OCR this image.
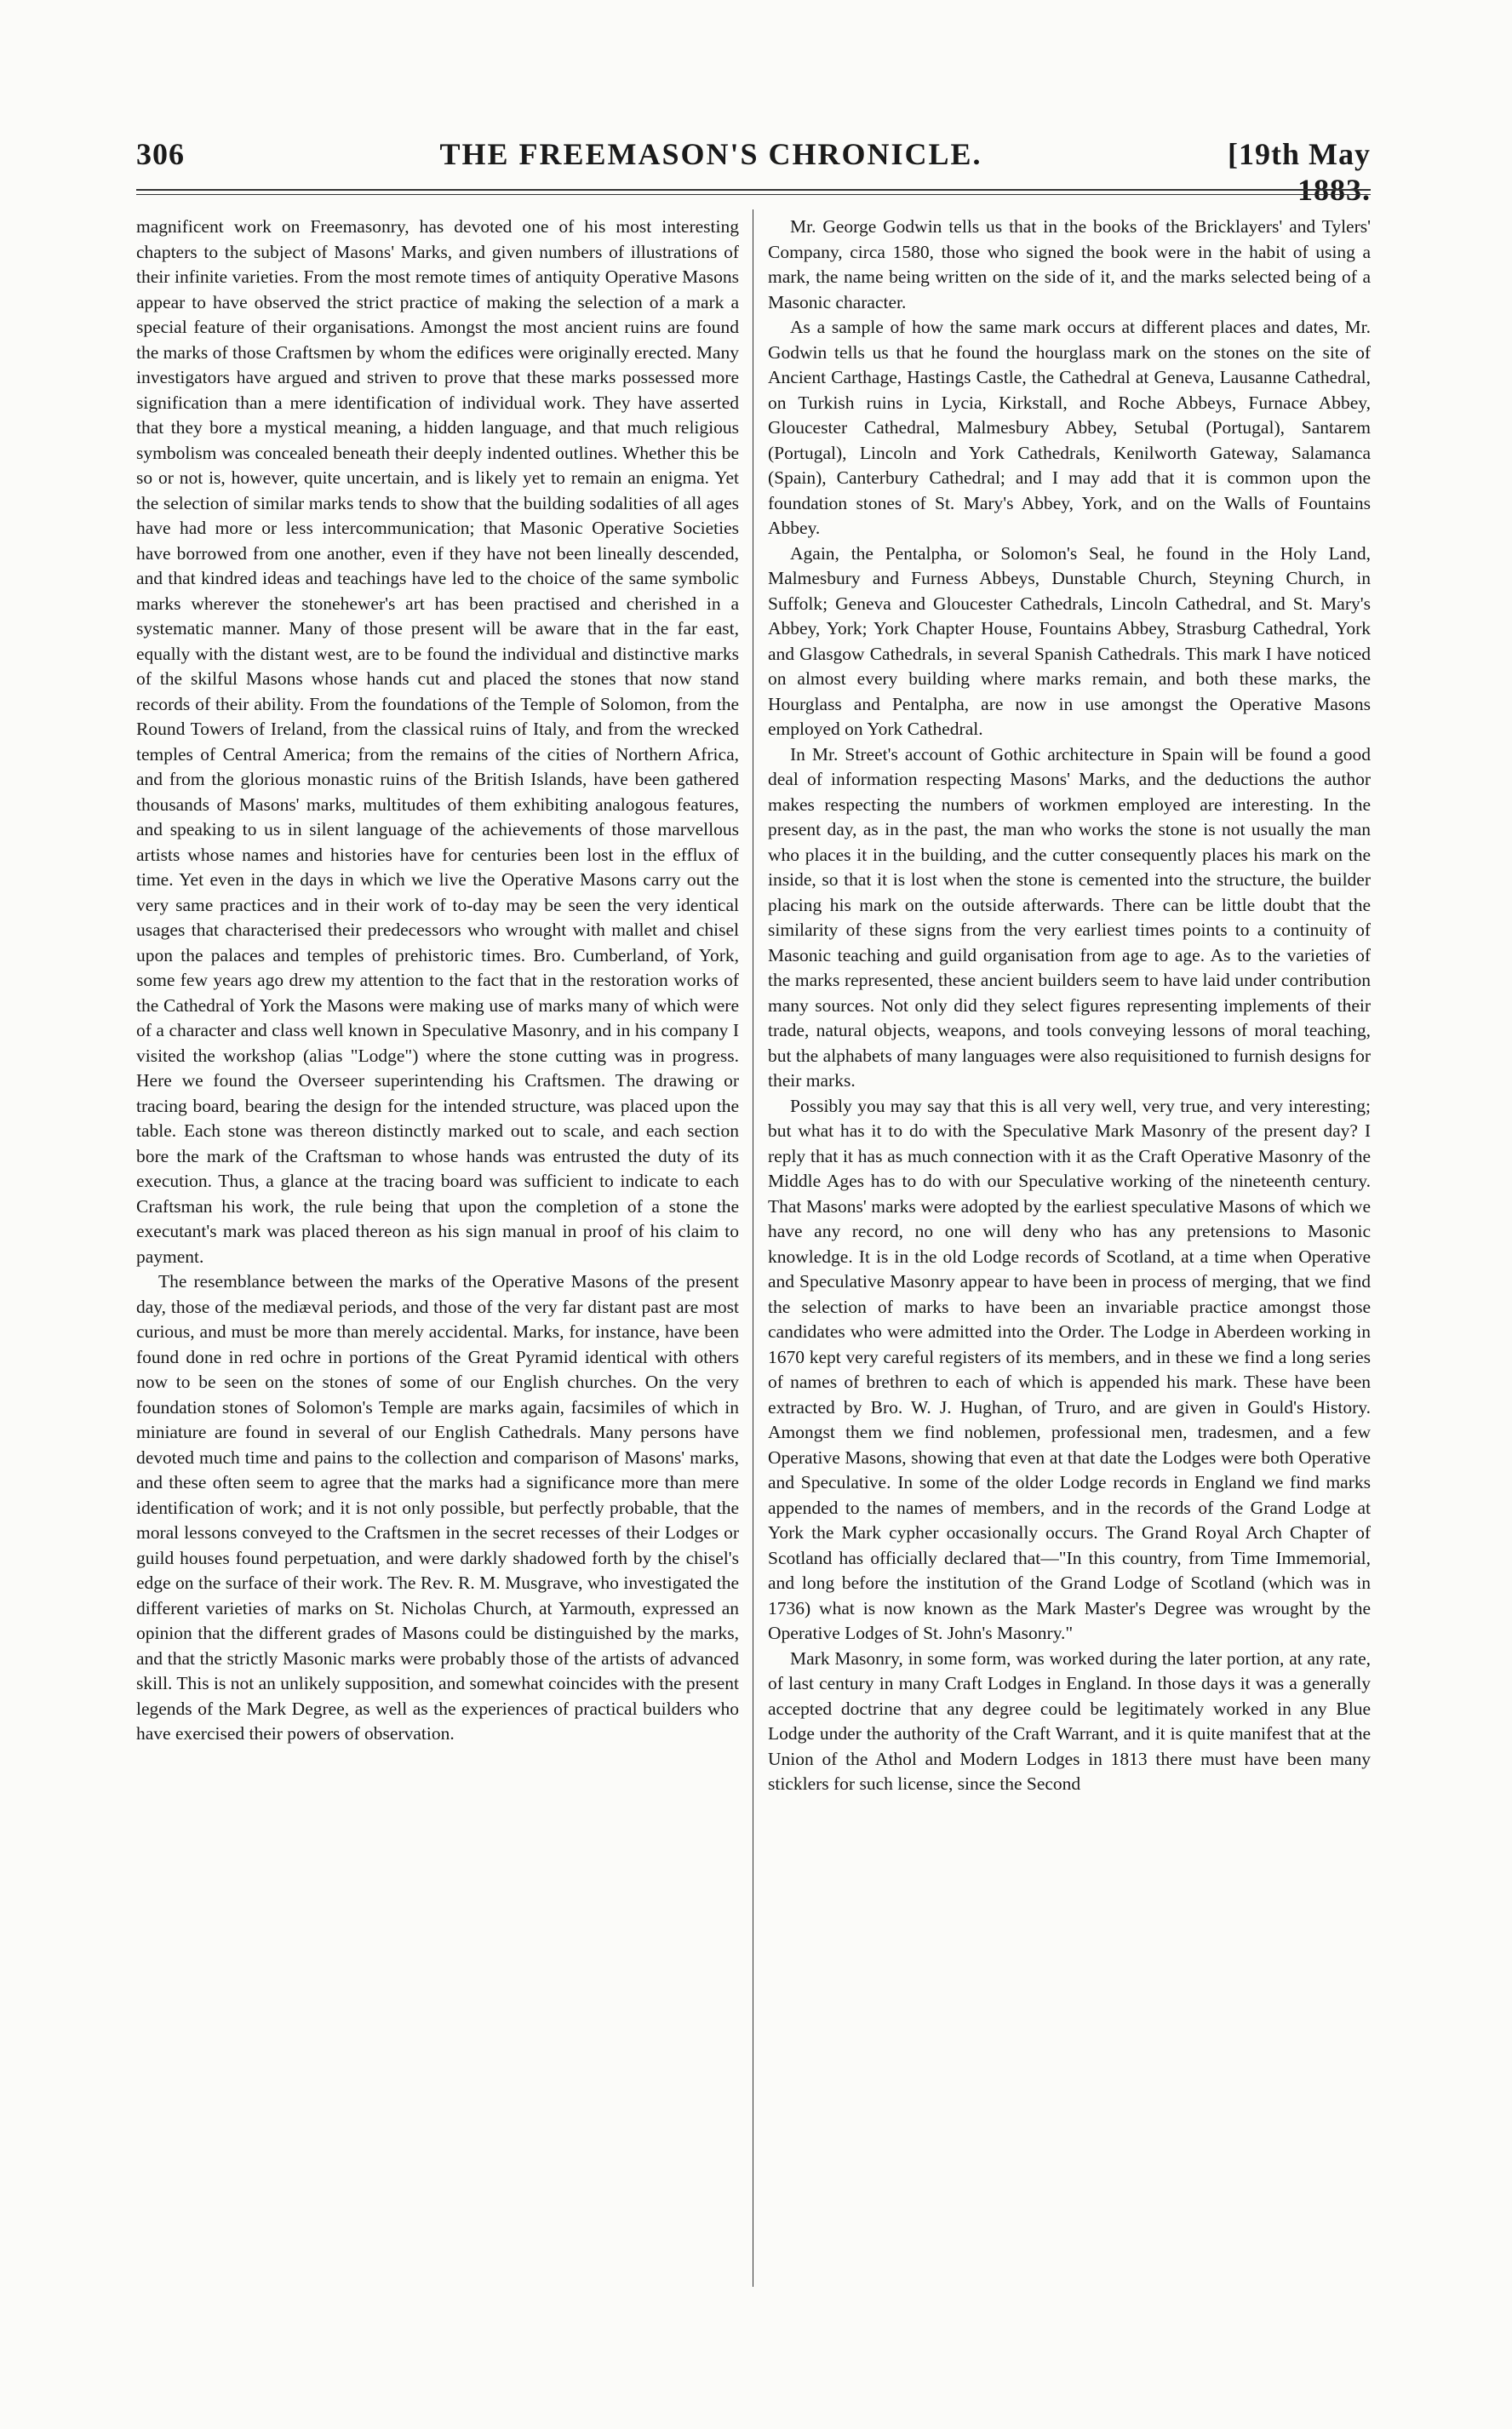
306	THE FREEMASON'S CHRONICLE.	[19th May 1883.

magnificent work on Freemasonry, has devoted one of his most interesting chapters to the subject of Masons' Marks, and given numbers of illustrations of their infinite varieties. From the most remote times of antiquity Operative Masons appear to have observed the strict practice of making the selection of a mark a special feature of their organisations. Amongst the most ancient ruins are found the marks of those Craftsmen by whom the edifices were originally erected. Many investigators have argued and striven to prove that these marks possessed more signification than a mere identification of individual work. They have asserted that they bore a mystical meaning, a hidden language, and that much religious symbolism was concealed beneath their deeply indented outlines. Whether this be so or not is, however, quite uncertain, and is likely yet to remain an enigma. Yet the selection of similar marks tends to show that the building sodalities of all ages have had more or less intercommunication; that Masonic Operative Societies have borrowed from one another, even if they have not been lineally descended, and that kindred ideas and teachings have led to the choice of the same symbolic marks wherever the stonehewer's art has been practised and cherished in a systematic manner. Many of those present will be aware that in the far east, equally with the distant west, are to be found the individual and distinctive marks of the skilful Masons whose hands cut and placed the stones that now stand records of their ability. From the foundations of the Temple of Solomon, from the Round Towers of Ireland, from the classical ruins of Italy, and from the wrecked temples of Central America; from the remains of the cities of Northern Africa, and from the glorious monastic ruins of the British Islands, have been gathered thousands of Masons' marks, multitudes of them exhibiting analogous features, and speaking to us in silent language of the achievements of those marvellous artists whose names and histories have for centuries been lost in the efflux of time. Yet even in the days in which we live the Operative Masons carry out the very same practices and in their work of to-day may be seen the very identical usages that characterised their predecessors who wrought with mallet and chisel upon the palaces and temples of prehistoric times. Bro. Cumberland, of York, some few years ago drew my attention to the fact that in the restoration works of the Cathedral of York the Masons were making use of marks many of which were of a character and class well known in Speculative Masonry, and in his company I visited the workshop (alias "Lodge") where the stone cutting was in progress. Here we found the Overseer superintending his Craftsmen. The drawing or tracing board, bearing the design for the intended structure, was placed upon the table. Each stone was thereon distinctly marked out to scale, and each section bore the mark of the Craftsman to whose hands was entrusted the duty of its execution. Thus, a glance at the tracing board was sufficient to indicate to each Craftsman his work, the rule being that upon the completion of a stone the executant's mark was placed thereon as his sign manual in proof of his claim to payment.

The resemblance between the marks of the Operative Masons of the present day, those of the mediæval periods, and those of the very far distant past are most curious, and must be more than merely accidental. Marks, for instance, have been found done in red ochre in portions of the Great Pyramid identical with others now to be seen on the stones of some of our English churches. On the very foundation stones of Solomon's Temple are marks again, facsimiles of which in miniature are found in several of our English Cathedrals. Many persons have devoted much time and pains to the collection and comparison of Masons' marks, and these often seem to agree that the marks had a significance more than mere identification of work; and it is not only possible, but perfectly probable, that the moral lessons conveyed to the Craftsmen in the secret recesses of their Lodges or guild houses found perpetuation, and were darkly shadowed forth by the chisel's edge on the surface of their work. The Rev. R. M. Musgrave, who investigated the different varieties of marks on St. Nicholas Church, at Yarmouth, expressed an opinion that the different grades of Masons could be distinguished by the marks, and that the strictly Masonic marks were probably those of the artists of advanced skill. This is not an unlikely supposition, and somewhat coincides with the present legends of the Mark Degree, as well as the experiences of practical builders who have exercised their powers of observation.

Mr. George Godwin tells us that in the books of the Bricklayers' and Tylers' Company, circa 1580, those who signed the book were in the habit of using a mark, the name being written on the side of it, and the marks selected being of a Masonic character.

As a sample of how the same mark occurs at different places and dates, Mr. Godwin tells us that he found the hourglass mark on the stones on the site of Ancient Carthage, Hastings Castle, the Cathedral at Geneva, Lausanne Cathedral, on Turkish ruins in Lycia, Kirkstall, and Roche Abbeys, Furnace Abbey, Gloucester Cathedral, Malmesbury Abbey, Setubal (Portugal), Santarem (Portugal), Lincoln and York Cathedrals, Kenilworth Gateway, Salamanca (Spain), Canterbury Cathedral; and I may add that it is common upon the foundation stones of St. Mary's Abbey, York, and on the Walls of Fountains Abbey.

Again, the Pentalpha, or Solomon's Seal, he found in the Holy Land, Malmesbury and Furness Abbeys, Dunstable Church, Steyning Church, in Suffolk; Geneva and Gloucester Cathedrals, Lincoln Cathedral, and St. Mary's Abbey, York; York Chapter House, Fountains Abbey, Strasburg Cathedral, York and Glasgow Cathedrals, in several Spanish Cathedrals. This mark I have noticed on almost every building where marks remain, and both these marks, the Hourglass and Pentalpha, are now in use amongst the Operative Masons employed on York Cathedral.

In Mr. Street's account of Gothic architecture in Spain will be found a good deal of information respecting Masons' Marks, and the deductions the author makes respecting the numbers of workmen employed are interesting. In the present day, as in the past, the man who works the stone is not usually the man who places it in the building, and the cutter consequently places his mark on the inside, so that it is lost when the stone is cemented into the structure, the builder placing his mark on the outside afterwards. There can be little doubt that the similarity of these signs from the very earliest times points to a continuity of Masonic teaching and guild organisation from age to age. As to the varieties of the marks represented, these ancient builders seem to have laid under contribution many sources. Not only did they select figures representing implements of their trade, natural objects, weapons, and tools conveying lessons of moral teaching, but the alphabets of many languages were also requisitioned to furnish designs for their marks.

Possibly you may say that this is all very well, very true, and very interesting; but what has it to do with the Speculative Mark Masonry of the present day? I reply that it has as much connection with it as the Craft Operative Masonry of the Middle Ages has to do with our Speculative working of the nineteenth century. That Masons' marks were adopted by the earliest speculative Masons of which we have any record, no one will deny who has any pretensions to Masonic knowledge. It is in the old Lodge records of Scotland, at a time when Operative and Speculative Masonry appear to have been in process of merging, that we find the selection of marks to have been an invariable practice amongst those candidates who were admitted into the Order. The Lodge in Aberdeen working in 1670 kept very careful registers of its members, and in these we find a long series of names of brethren to each of which is appended his mark. These have been extracted by Bro. W. J. Hughan, of Truro, and are given in Gould's History. Amongst them we find noblemen, professional men, tradesmen, and a few Operative Masons, showing that even at that date the Lodges were both Operative and Speculative. In some of the older Lodge records in England we find marks appended to the names of members, and in the records of the Grand Lodge at York the Mark cypher occasionally occurs. The Grand Royal Arch Chapter of Scotland has officially declared that—"In this country, from Time Immemorial, and long before the institution of the Grand Lodge of Scotland (which was in 1736) what is now known as the Mark Master's Degree was wrought by the Operative Lodges of St. John's Masonry."

Mark Masonry, in some form, was worked during the later portion, at any rate, of last century in many Craft Lodges in England. In those days it was a generally accepted doctrine that any degree could be legitimately worked in any Blue Lodge under the authority of the Craft Warrant, and it is quite manifest that at the Union of the Athol and Modern Lodges in 1813 there must have been many sticklers for such license, since the Second
